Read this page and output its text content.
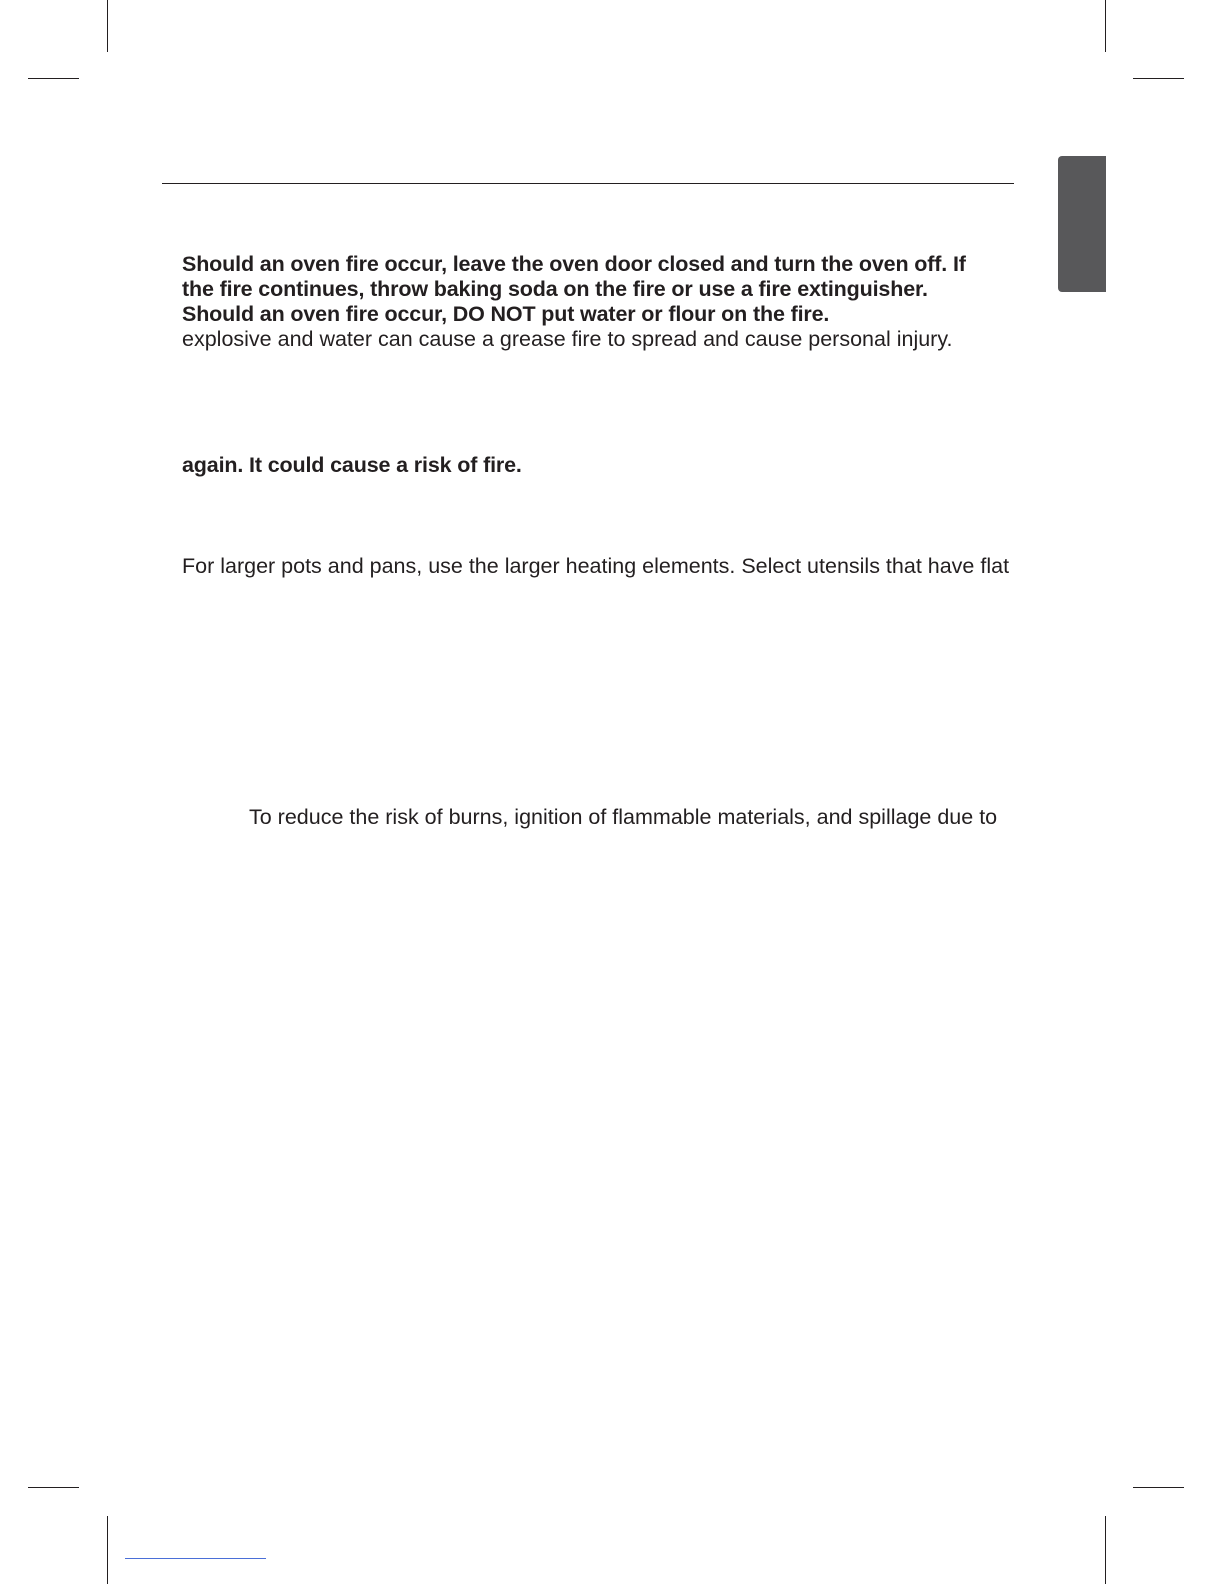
Should an oven fire occur, leave the oven door closed and turn the oven off. If

the fire continues, throw baking soda on the fire or use a fire extinguisher.

Should an oven fire occur, DO NOT put water or flour on the fire.

explosive and water can cause a grease fire to spread and cause personal injury.

again. It could cause a risk of fire.

For larger pots and pans, use the larger heating elements. Select utensils that have flat

To reduce the risk of burns, ignition of flammable materials, and spillage due to
